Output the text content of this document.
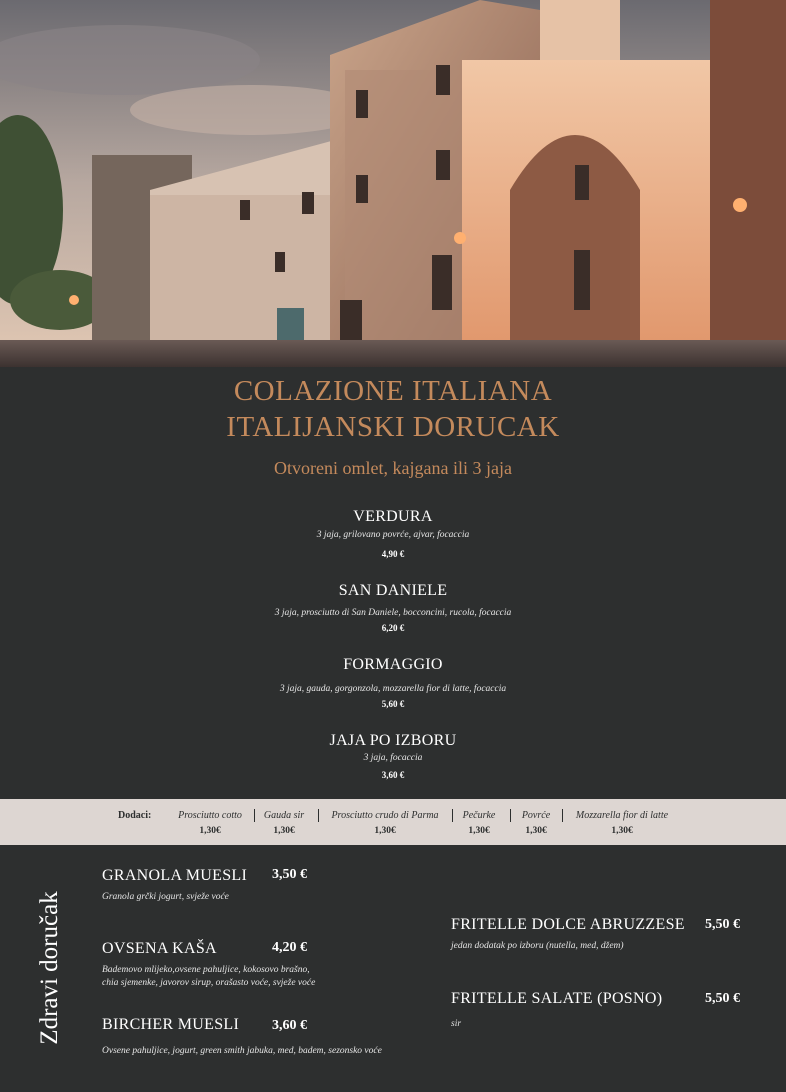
COLAZIONE ITALIANA
ITALIJANSKI DORUCAK
Otvoreni omlet, kajgana ili 3 jaja
VERDURA
3 jaja, grilovano povrće, ajvar, focaccia
4,90 €
SAN DANIELE
3 jaja, prosciutto di San Daniele, bocconcini, rucola, focaccia
6,20 €
FORMAGGIO
3 jaja, gauda, gorgonzola, mozzarella fior di latte, focaccia
5,60 €
JAJA PO IZBORU
3 jaja, focaccia
3,60 €
Dodaci:	Prosciutto cotto
1,30€
Gauda sir
1,30€
Prosciutto crudo di Parma
1,30€
Pečurke
1,30€
Povrće
1,30€
Mozzarella fior di latte
1,30€
Zdravi doručak
GRANOLA MUESLI	3,50 €
Granola grčki jogurt, svježe voće
OVSENA KAŠA	4,20 €
Bademovo mlijeko,ovsene pahuljice, kokosovo brašno,
chia sjemenke, javorov sirup, orašasto voće, svježe voće
BIRCHER MUESLI	3,60 €
Ovsene pahuljice, jogurt, green smith jabuka, med, badem, sezonsko voće
FRITELLE DOLCE ABRUZZESE	5,50 €
jedan dodatak po izboru (nutella, med, džem)
FRITELLE SALATE (POSNO)	5,50 €
sir
